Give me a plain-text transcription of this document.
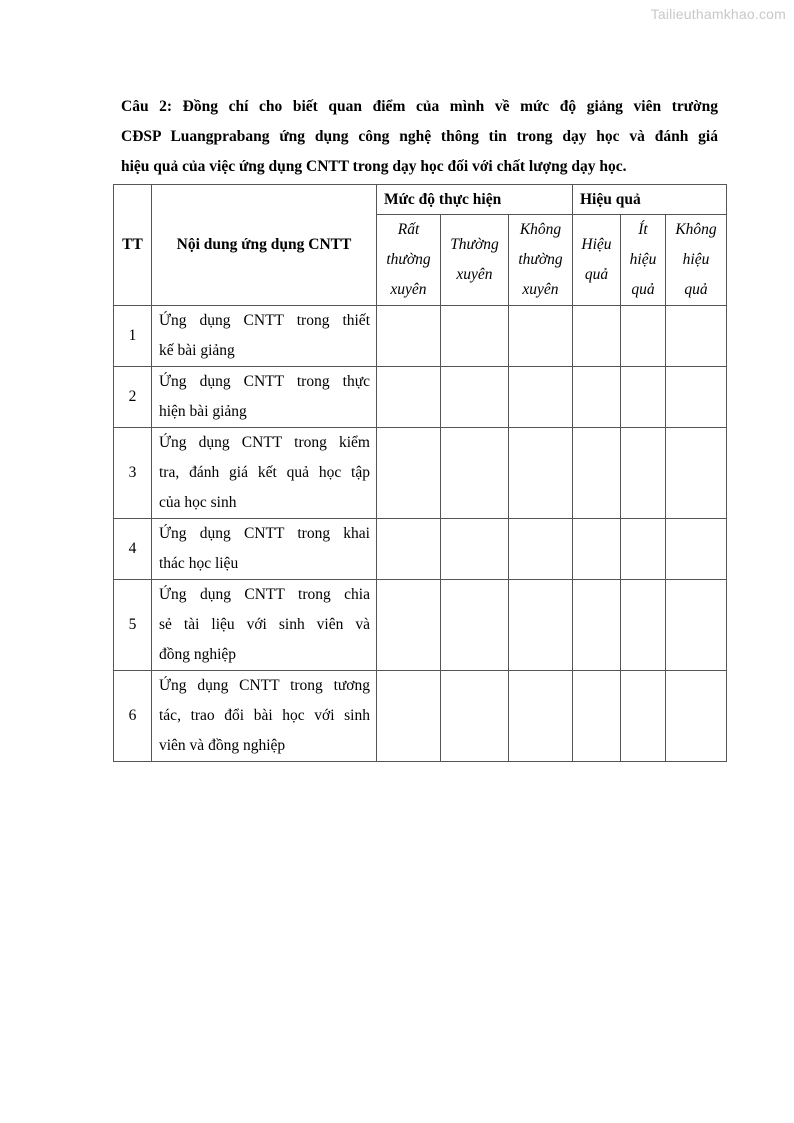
Tailieuthamkhao.com

Câu 2: Đồng chí cho biết quan điểm của mình về mức độ giảng viên trường

CĐSP Luangprabang ứng dụng công nghệ thông tin trong dạy học và đánh giá

hiệu quả của việc ứng dụng CNTT trong dạy học đối với chất lượng dạy học.

TT	Nội dung ứng dụng CNTT	Mức độ thực hiện			Hiệu quả		
		Rất
thường
xuyên	Thường
xuyên	Không
thường
xuyên	Hiệu
quả	Ít
hiệu
quả	Không
hiệu
quả
1	Ứng dụng CNTT trong thiết
kế bài giảng						

2	Ứng dụng CNTT trong thực
hiện bài giảng						

3	Ứng dụng CNTT trong kiểm
tra, đánh giá kết quả học tập
của học sinh						

4	Ứng dụng CNTT trong khai
thác học liệu						

5	Ứng dụng CNTT trong chia
sẻ tài liệu với sinh viên và
đồng nghiệp						

6	Ứng dụng CNTT trong tương
tác, trao đổi bài học với sinh
viên và đồng nghiệp						
